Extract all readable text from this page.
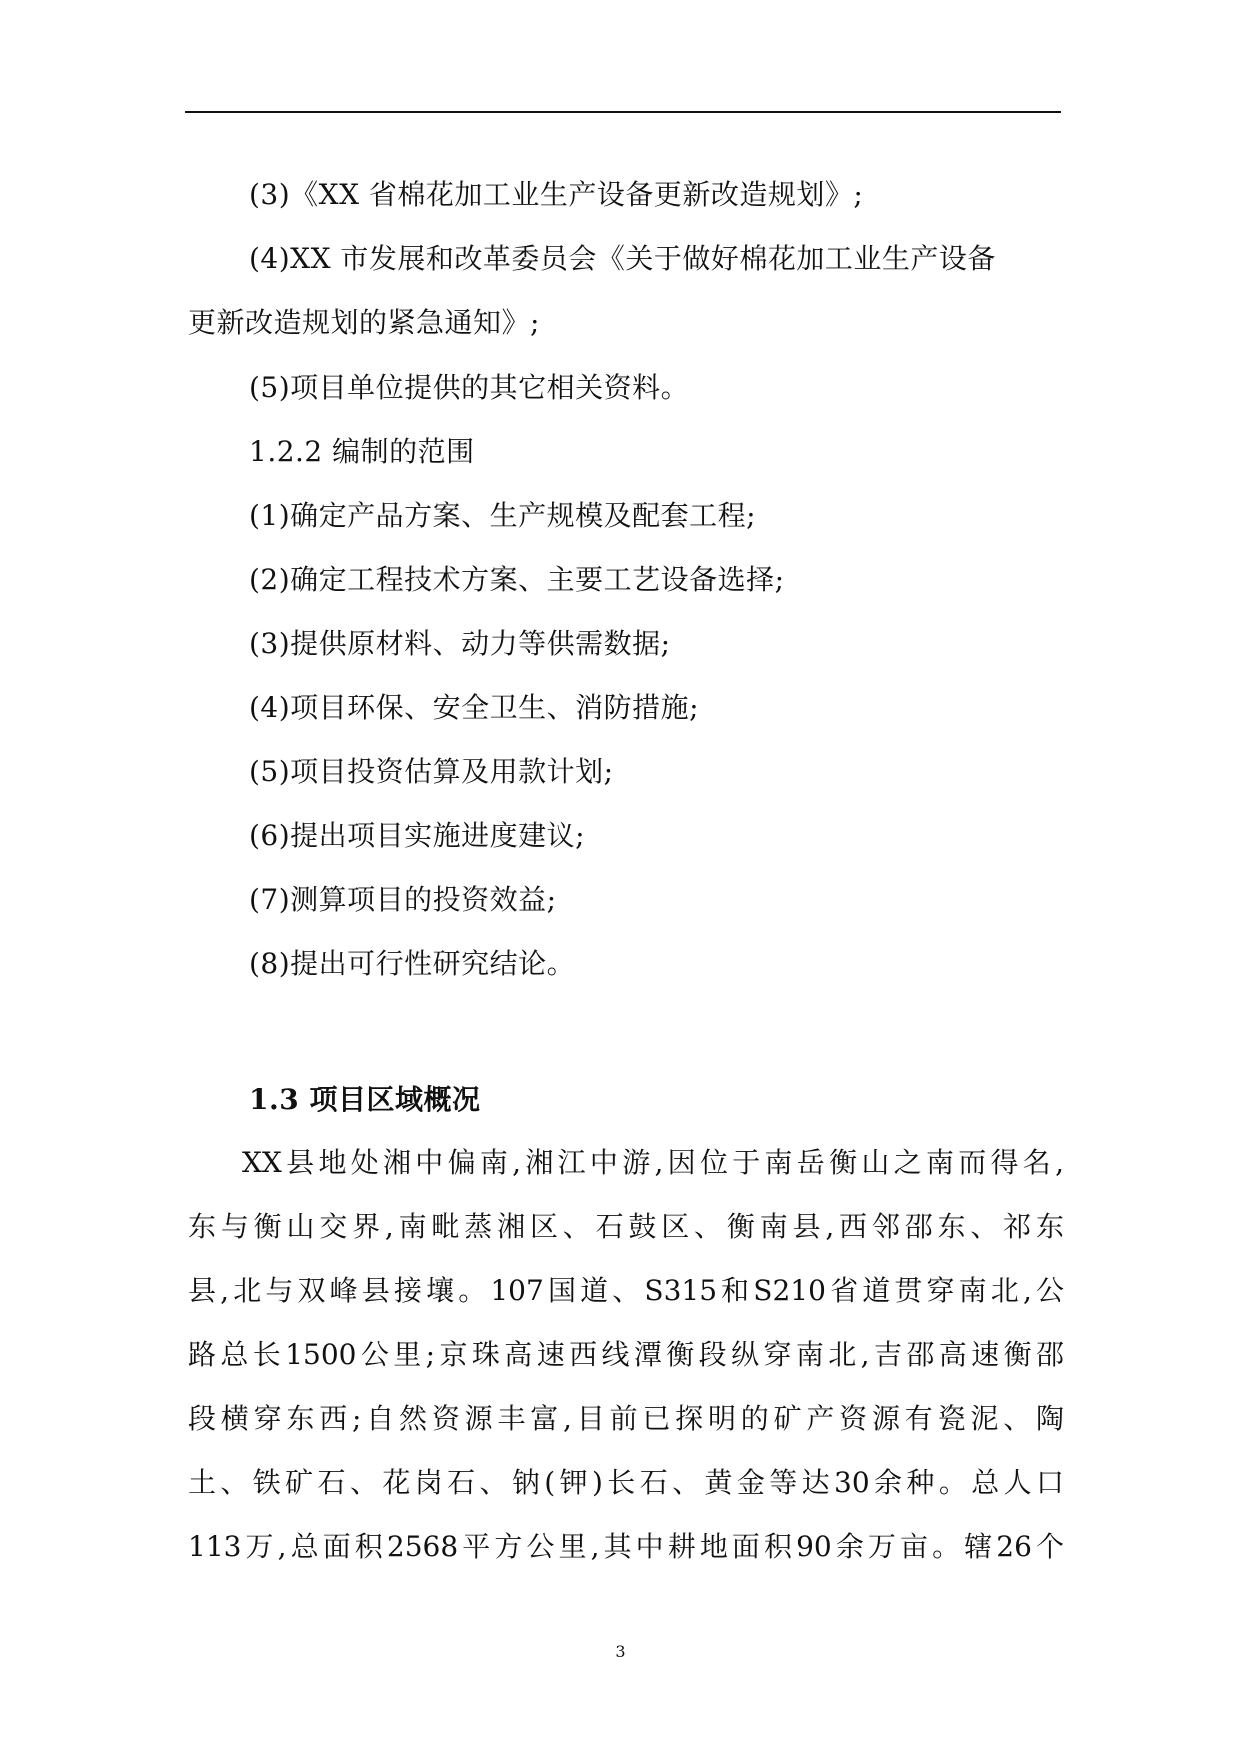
(3)《XX 省棉花加工业生产设备更新改造规划》;
(4)XX 市发展和改革委员会《关于做好棉花加工业生产设备
更新改造规划的紧急通知》;
(5)项目单位提供的其它相关资料。
1.2.2 编制的范围
(1)确定产品方案、生产规模及配套工程;
(2)确定工程技术方案、主要工艺设备选择;
(3)提供原材料、动力等供需数据;
(4)项目环保、安全卫生、消防措施;
(5)项目投资估算及用款计划;
(6)提出项目实施进度建议;
(7)测算项目的投资效益;
(8)提出可行性研究结论。
1.3 项目区域概况
XX县地处湘中偏南,湘江中游,因位于南岳衡山之南而得名,
东与衡山交界,南毗蒸湘区、石鼓区、衡南县,西邻邵东、祁东
县,北与双峰县接壤。107国道、S315和S210省道贯穿南北,公
路总长1500公里;京珠高速西线潭衡段纵穿南北,吉邵高速衡邵
段横穿东西;自然资源丰富,目前已探明的矿产资源有瓷泥、陶
土、铁矿石、花岗石、钠(钾)长石、黄金等达30余种。总人口
113万,总面积2568平方公里,其中耕地面积90余万亩。辖26个
3
